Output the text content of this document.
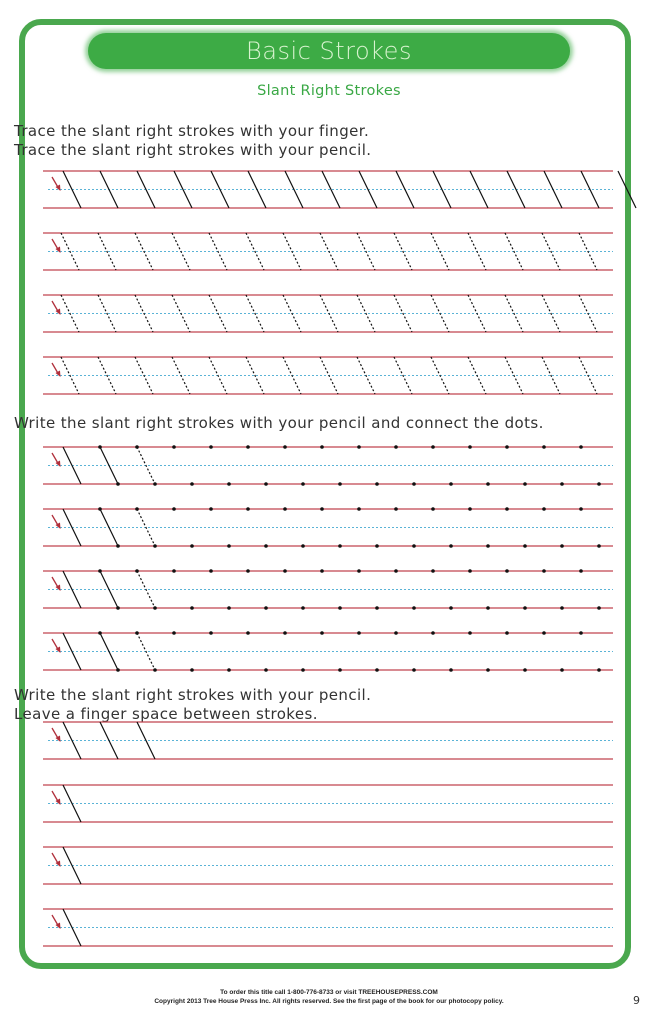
Basic Strokes
Slant Right Strokes
Trace the slant right strokes with your finger.
Trace the slant right strokes with your pencil.
Write the slant right strokes with your pencil and connect the dots.
Write the slant right strokes with your pencil.
Leave a finger space between strokes.
To order this title call 1-800-776-8733 or visit TREEHOUSEPRESS.COM
Copyright 2013 Tree House Press Inc. All rights reserved. See the first page of the book for our photocopy policy.	9
